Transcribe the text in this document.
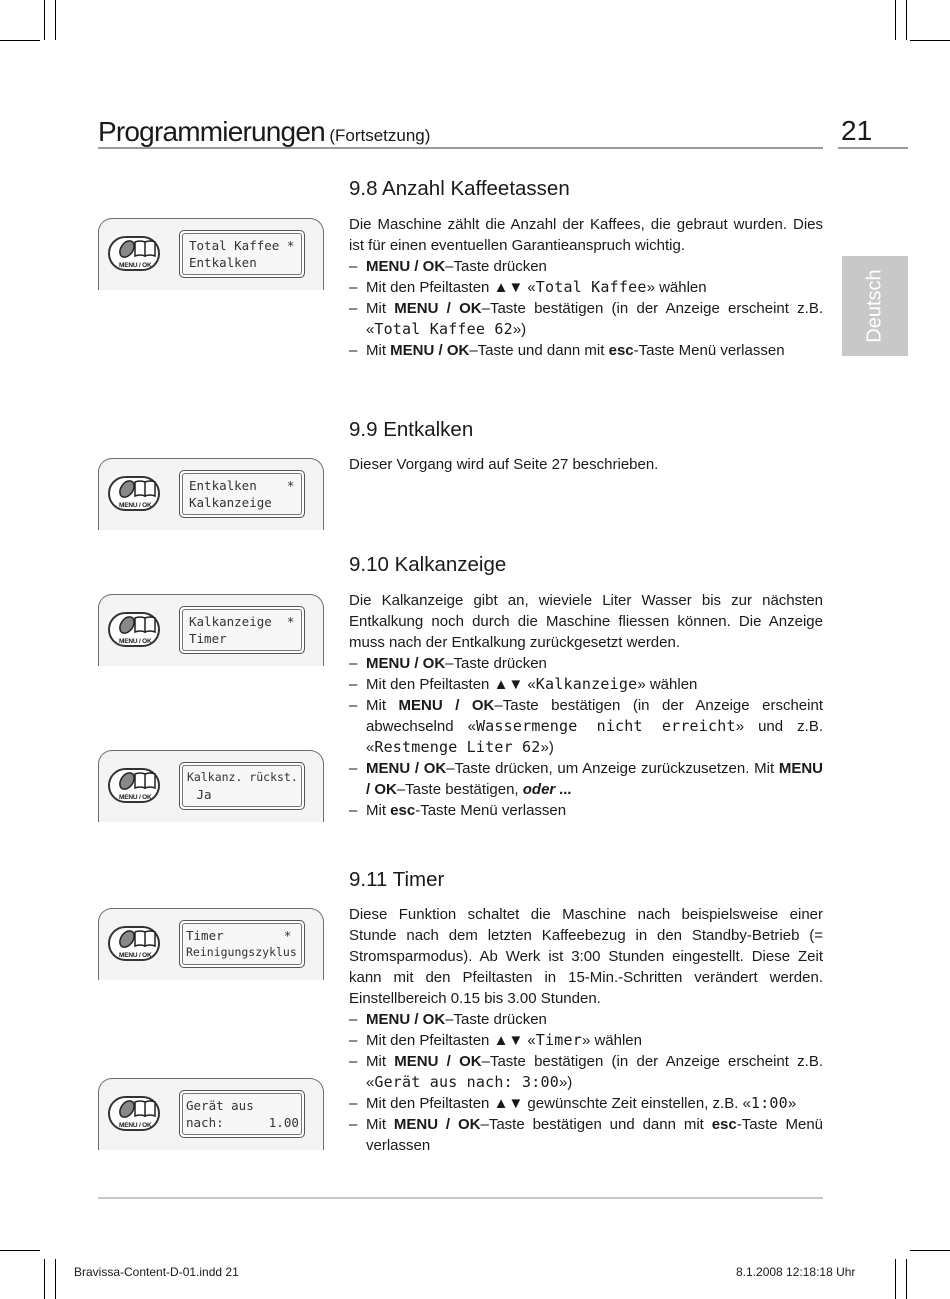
Programmierungen (Fortsetzung)	21
Deutsch
9.8 Anzahl Kaffeetassen

Die Maschine zählt die Anzahl der Kaffees, die gebraut wurden. Dies ist für einen eventuellen Garantieanspruch wichtig.

– MENU / OK–Taste drücken
– Mit den Pfeiltasten ▲▼ «Total Kaffee» wählen
– Mit MENU / OK–Taste bestätigen (in der Anzeige erscheint z.B. «Total Kaffee 62»)
– Mit MENU / OK–Taste und dann mit esc-Taste Menü verlassen
9.9 Entkalken

Dieser Vorgang wird auf Seite 27 beschrieben.

9.10 Kalkanzeige

Die Kalkanzeige gibt an, wieviele Liter Wasser bis zur nächsten Entkalkung noch durch die Maschine fliessen können. Die Anzeige muss nach der Entkalkung zurückgesetzt werden.

– MENU / OK–Taste drücken
– Mit den Pfeiltasten ▲▼ «Kalkanzeige» wählen
– Mit MENU / OK–Taste bestätigen (in der Anzeige erscheint abwechselnd «Wassermenge nicht erreicht» und z.B. «Restmenge Liter 62»)
– MENU / OK–Taste drücken, um Anzeige zurückzusetzen. Mit MENU / OK–Taste bestätigen, oder ...
– Mit esc-Taste Menü verlassen
9.11 Timer

Diese Funktion schaltet die Maschine nach beispielsweise einer Stunde nach dem letzten Kaffeebezug in den Standby-Betrieb (= Stromsparmodus). Ab Werk ist 3:00 Stunden eingestellt. Diese Zeit kann mit den Pfeiltasten in 15-Min.-Schritten verändert werden. Einstellbereich 0.15 bis 3.00 Stunden.

– MENU / OK–Taste drücken
– Mit den Pfeiltasten ▲▼ «Timer» wählen
– Mit MENU / OK–Taste bestätigen (in der Anzeige erscheint z.B. «Gerät aus nach: 3:00»)
– Mit den Pfeiltasten ▲▼ gewünschte Zeit einstellen, z.B. «1:00»
– Mit MENU / OK–Taste bestätigen und dann mit esc-Taste Menü verlassen
MENU / OK
Total Kaffee *
Entkalken
MENU / OK
Entkalken    *
Kalkanzeige
MENU / OK
Kalkanzeige  *
Timer
MENU / OK
Kalkanz. rückst.
Ja
MENU / OK
Timer        *
Reinigungszyklus
MENU / OK
Gerät aus
nach:      1.00
Bravissa-Content-D-01.indd 21	8.1.2008 12:18:18 Uhr
